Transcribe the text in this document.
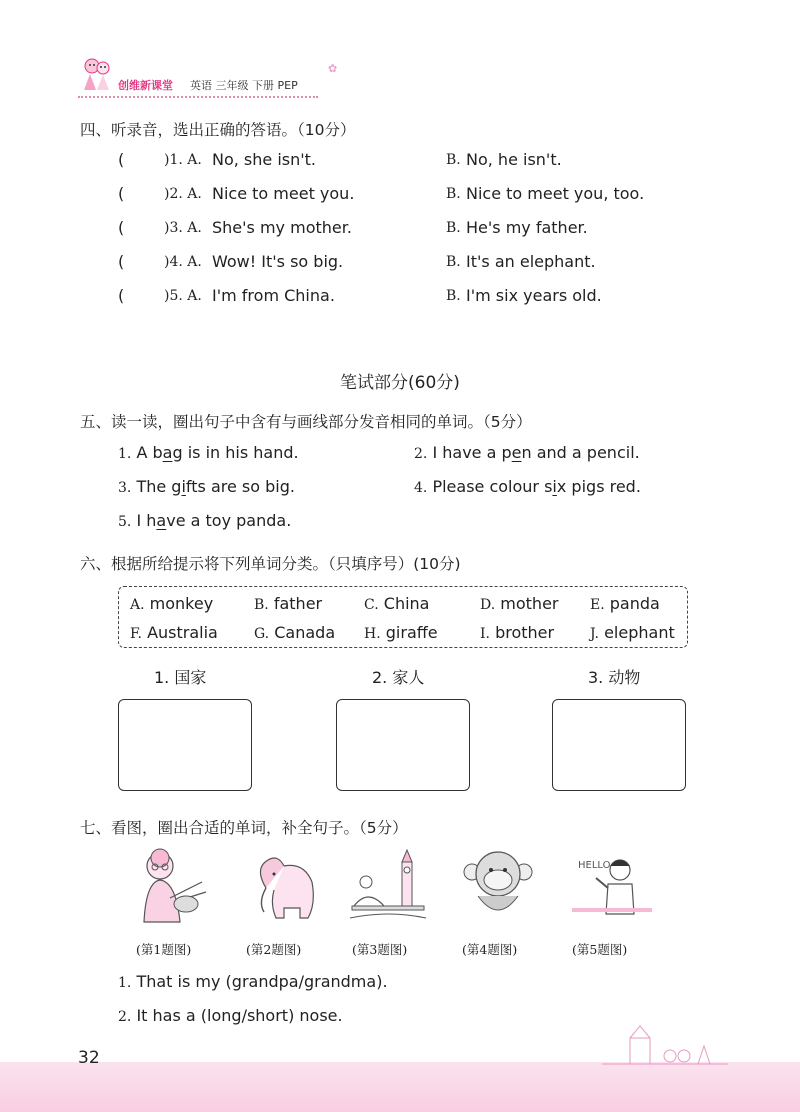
创维新课堂 英语 三年级 下册 PEP
✿
四、听录音，选出正确的答语。（10分）
(	)1. A. No, she isn't.	B. No, he isn't.
(	)2. A. Nice to meet you.	B. Nice to meet you, too.
(	)3. A. She's my mother.	B. He's my father.
(	)4. A. Wow! It's so big.	B. It's an elephant.
(	)5. A. I'm from China.	B. I'm six years old.
笔试部分(60分)
五、读一读，圈出句子中含有与画线部分发音相同的单词。（5分）
1. A bag is in his hand.	2. I have a pen and a pencil.
3. The gifts are so big.	4. Please colour six pigs red.
5. I have a toy panda.
六、根据所给提示将下列单词分类。（只填序号）(10分)
A. monkey	B. father	C. China	D. mother E. panda
F. Australia	G. Canada H. giraffe	I. brother	J. elephant
1. 国家	2. 家人	3. 动物
七、看图，圈出合适的单词，补全句子。（5分）
HELLO
(第1题图)	(第2题图)	(第3题图)	(第4题图)	(第5题图)
1. That is my (grandpa/grandma).
2. It has a (long/short) nose.
32
